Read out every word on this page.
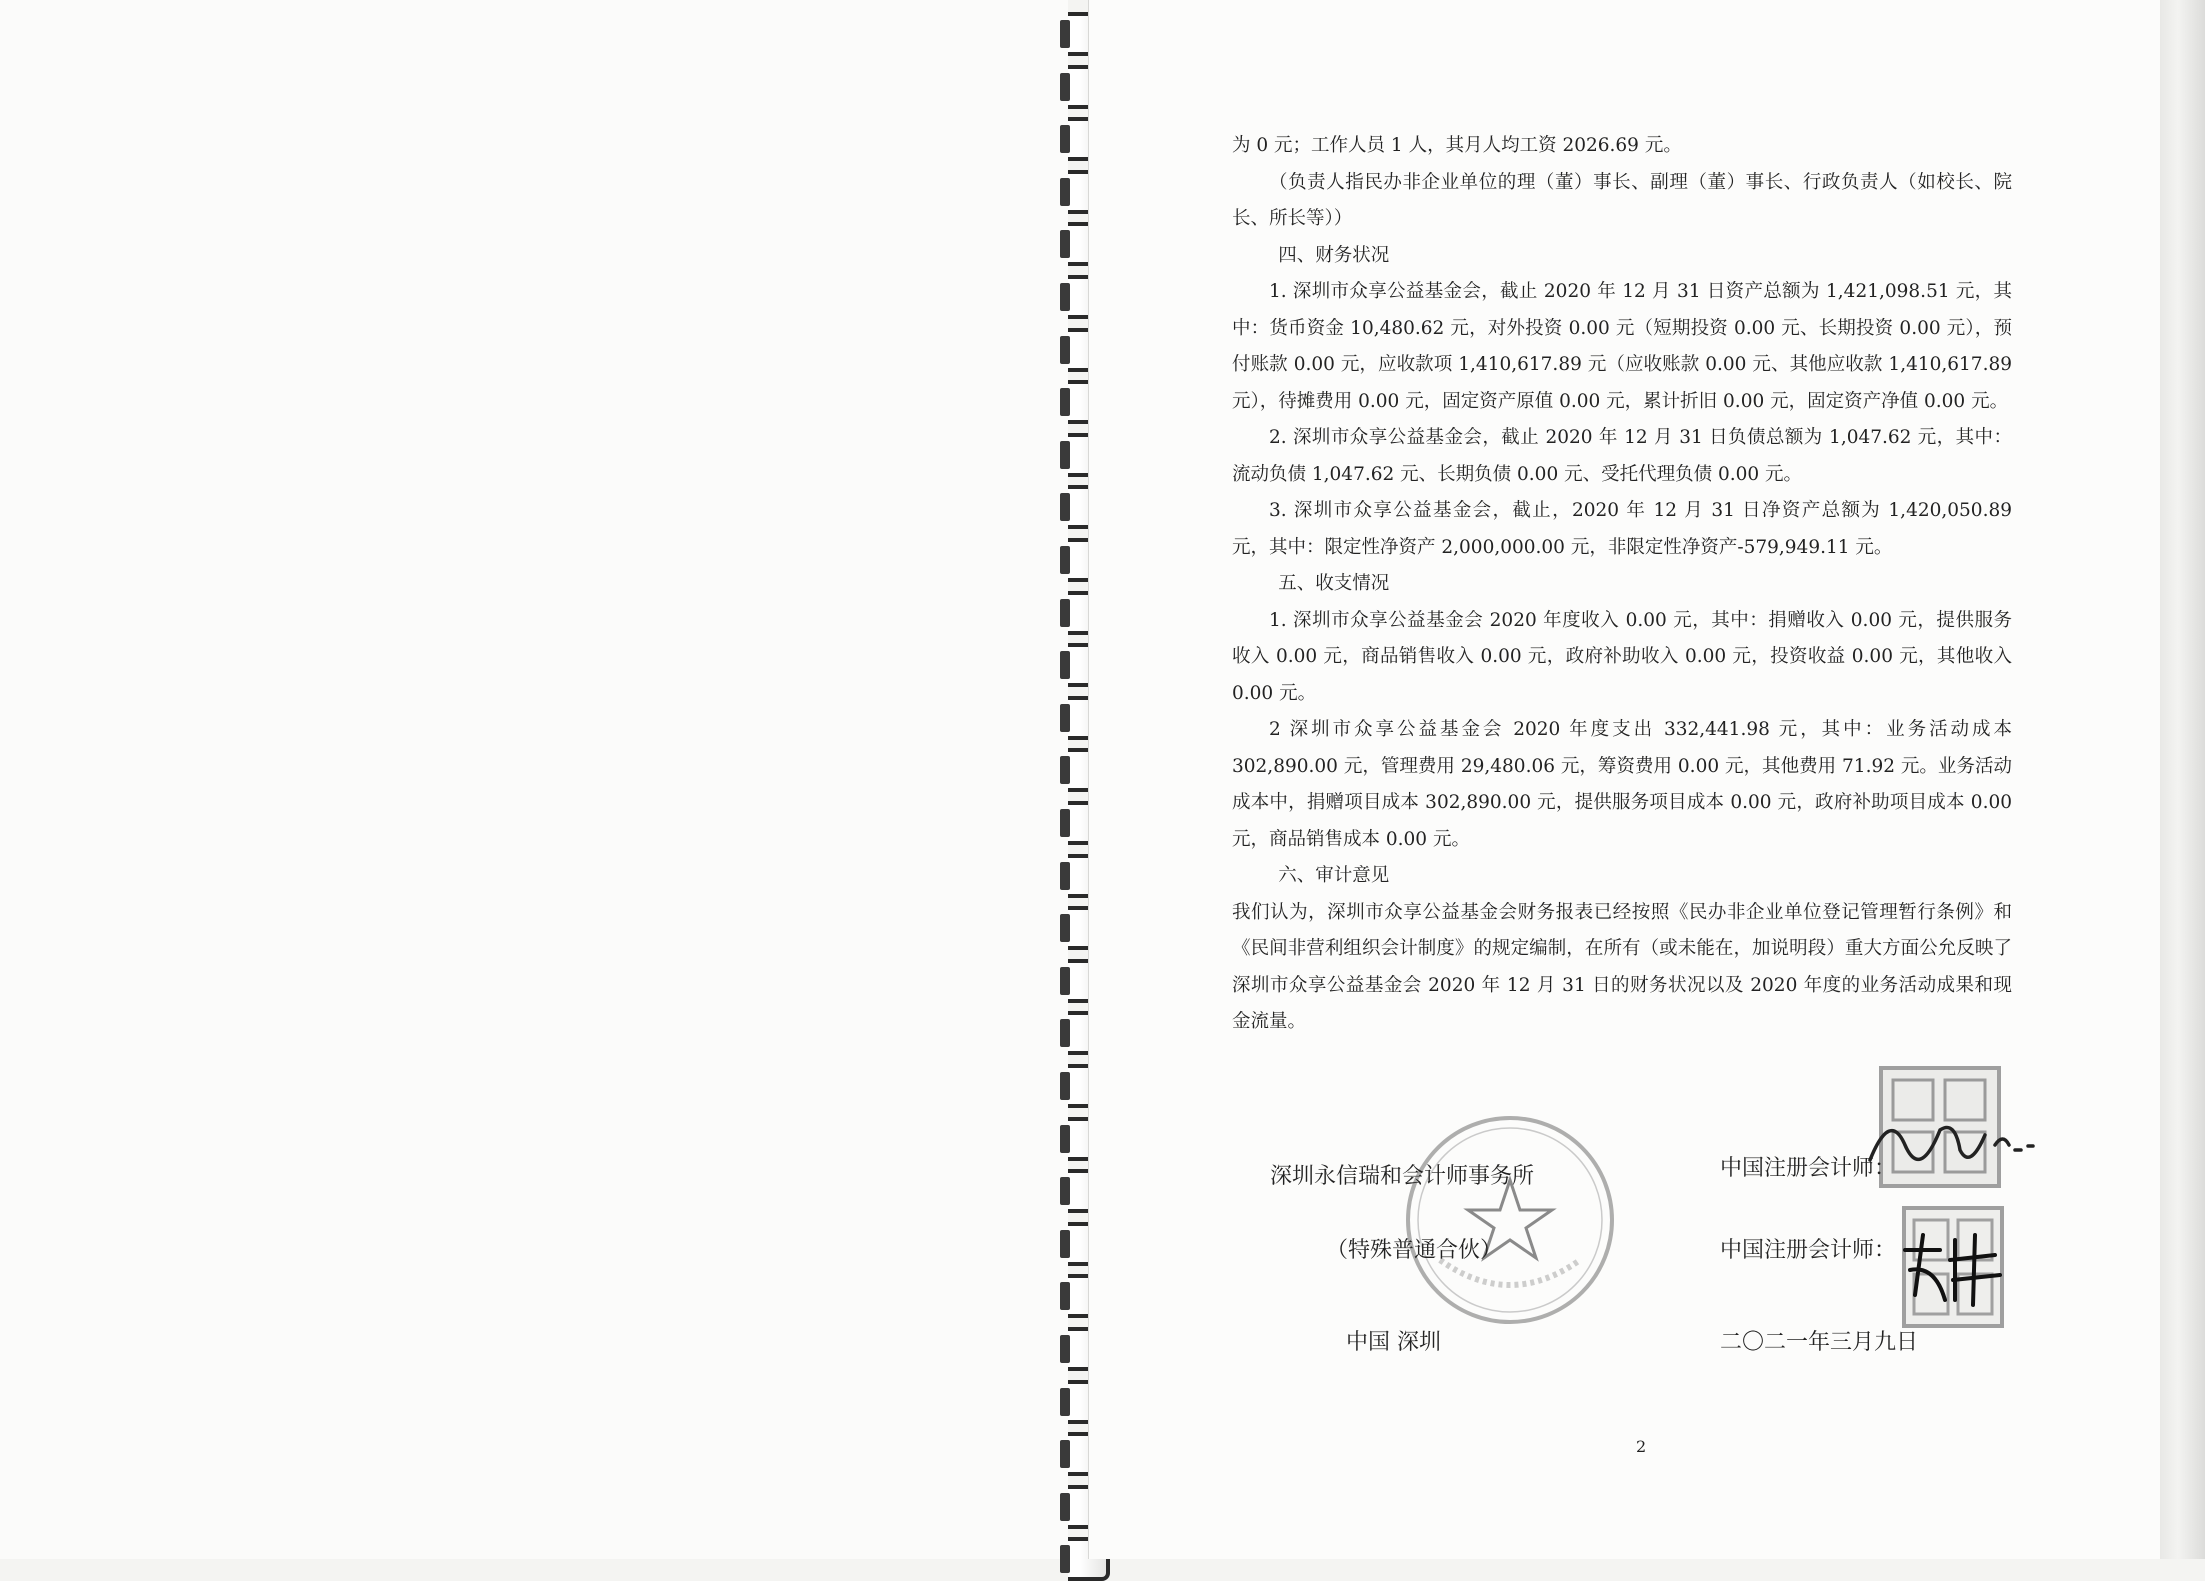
为 0 元；工作人员 1 人，其月人均工资 2026.69 元。

（负责人指民办非企业单位的理（董）事长、副理（董）事长、行政负责人（如校长、院长、所长等））

四、财务状况

1. 深圳市众享公益基金会，截止 2020 年 12 月 31 日资产总额为 1,421,098.51 元，其中：货币资金 10,480.62 元，对外投资 0.00 元（短期投资 0.00 元、长期投资 0.00 元），预付账款 0.00 元，应收款项 1,410,617.89 元（应收账款 0.00 元、其他应收款 1,410,617.89 元），待摊费用 0.00 元，固定资产原值 0.00 元，累计折旧 0.00 元，固定资产净值 0.00 元。

2. 深圳市众享公益基金会，截止 2020 年 12 月 31 日负债总额为 1,047.62 元，其中：流动负债 1,047.62 元、长期负债 0.00 元、受托代理负债 0.00 元。

3. 深圳市众享公益基金会，截止，2020 年 12 月 31 日净资产总额为 1,420,050.89 元，其中：限定性净资产 2,000,000.00 元，非限定性净资产-579,949.11 元。

五、收支情况

1. 深圳市众享公益基金会 2020 年度收入 0.00 元，其中：捐赠收入 0.00 元，提供服务收入 0.00 元，商品销售收入 0.00 元，政府补助收入 0.00 元，投资收益 0.00 元，其他收入 0.00 元。

2 深圳市众享公益基金会 2020 年度支出 332,441.98 元，其中：业务活动成本 302,890.00 元，管理费用 29,480.06 元，筹资费用 0.00 元，其他费用 71.92 元。业务活动成本中，捐赠项目成本 302,890.00 元，提供服务项目成本 0.00 元，政府补助项目成本 0.00 元，商品销售成本 0.00 元。

六、审计意见

我们认为，深圳市众享公益基金会财务报表已经按照《民办非企业单位登记管理暂行条例》和《民间非营利组织会计制度》的规定编制，在所有（或未能在，加说明段）重大方面公允反映了深圳市众享公益基金会 2020 年 12 月 31 日的财务状况以及 2020 年度的业务活动成果和现金流量。

深圳永信瑞和会计师事务所
（特殊普通合伙）
中国 深圳
中国注册会计师：
中国注册会计师：
二〇二一年三月九日
2
